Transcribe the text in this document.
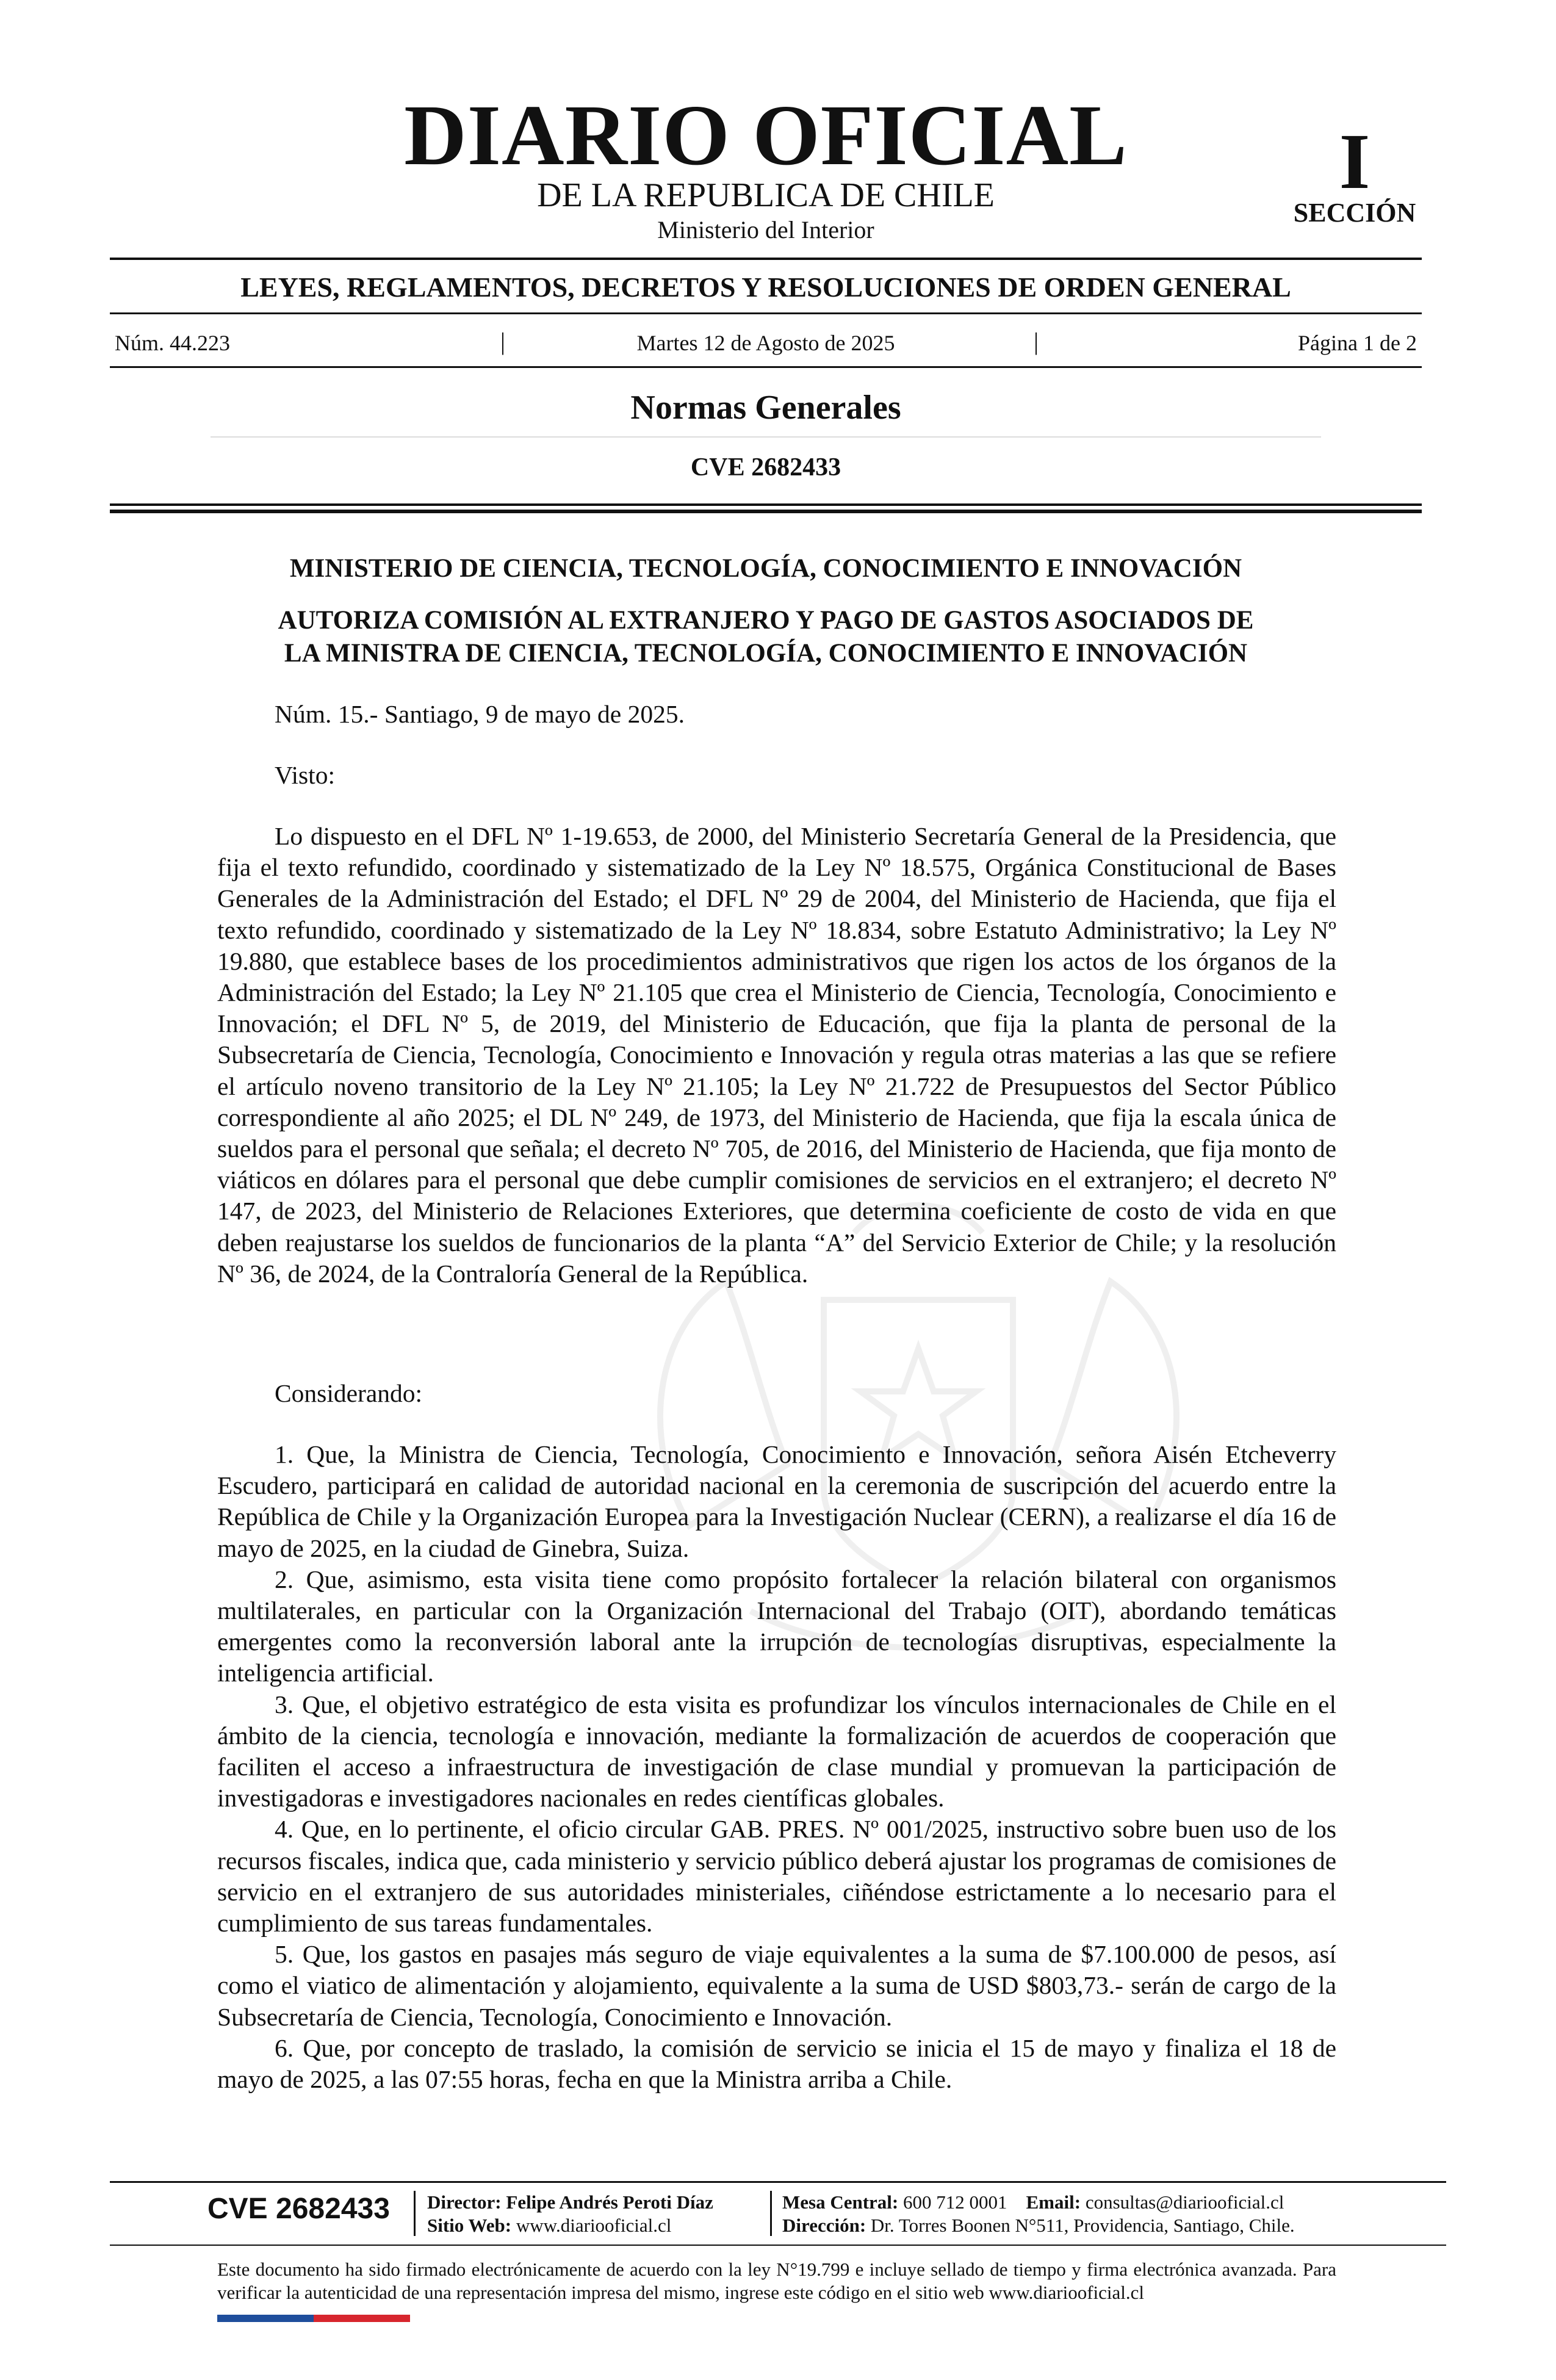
DIARIO OFICIAL
DE LA REPUBLICA DE CHILE
Ministerio del Interior
I
SECCIÓN
LEYES, REGLAMENTOS, DECRETOS Y RESOLUCIONES DE ORDEN GENERAL
Núm. 44.223	|	Martes 12 de Agosto de 2025	|	Página 1 de 2
Normas Generales
CVE 2682433
MINISTERIO DE CIENCIA, TECNOLOGÍA, CONOCIMIENTO E INNOVACIÓN
AUTORIZA COMISIÓN AL EXTRANJERO Y PAGO DE GASTOS ASOCIADOS DE
LA MINISTRA DE CIENCIA, TECNOLOGÍA, CONOCIMIENTO E INNOVACIÓN
Núm. 15.- Santiago, 9 de mayo de 2025.
Visto:

Lo dispuesto en el DFL Nº 1-19.653, de 2000, del Ministerio Secretaría General de la Presidencia, que fija el texto refundido, coordinado y sistematizado de la Ley Nº 18.575, Orgánica Constitucional de Bases Generales de la Administración del Estado; el DFL Nº 29 de 2004, del Ministerio de Hacienda, que fija el texto refundido, coordinado y sistematizado de la Ley Nº 18.834, sobre Estatuto Administrativo; la Ley Nº 19.880, que establece bases de los procedimientos administrativos que rigen los actos de los órganos de la Administración del Estado; la Ley Nº 21.105 que crea el Ministerio de Ciencia, Tecnología, Conocimiento e Innovación; el DFL Nº 5, de 2019, del Ministerio de Educación, que fija la planta de personal de la Subsecretaría de Ciencia, Tecnología, Conocimiento e Innovación y regula otras materias a las que se refiere el artículo noveno transitorio de la Ley Nº 21.105; la Ley Nº 21.722 de Presupuestos del Sector Público correspondiente al año 2025; el DL Nº 249, de 1973, del Ministerio de Hacienda, que fija la escala única de sueldos para el personal que señala; el decreto Nº 705, de 2016, del Ministerio de Hacienda, que fija monto de viáticos en dólares para el personal que debe cumplir comisiones de servicios en el extranjero; el decreto Nº 147, de 2023, del Ministerio de Relaciones Exteriores, que determina coeficiente de costo de vida en que deben reajustarse los sueldos de funcionarios de la planta “A” del Servicio Exterior de Chile; y la resolución Nº 36, de 2024, de la Contraloría General de la República.

Considerando:

1. Que, la Ministra de Ciencia, Tecnología, Conocimiento e Innovación, señora Aisén Etcheverry Escudero, participará en calidad de autoridad nacional en la ceremonia de suscripción del acuerdo entre la República de Chile y la Organización Europea para la Investigación Nuclear (CERN), a realizarse el día 16 de mayo de 2025, en la ciudad de Ginebra, Suiza.

2. Que, asimismo, esta visita tiene como propósito fortalecer la relación bilateral con organismos multilaterales, en particular con la Organización Internacional del Trabajo (OIT), abordando temáticas emergentes como la reconversión laboral ante la irrupción de tecnologías disruptivas, especialmente la inteligencia artificial.

3. Que, el objetivo estratégico de esta visita es profundizar los vínculos internacionales de Chile en el ámbito de la ciencia, tecnología e innovación, mediante la formalización de acuerdos de cooperación que faciliten el acceso a infraestructura de investigación de clase mundial y promuevan la participación de investigadoras e investigadores nacionales en redes científicas globales.

4. Que, en lo pertinente, el oficio circular GAB. PRES. Nº 001/2025, instructivo sobre buen uso de los recursos fiscales, indica que, cada ministerio y servicio público deberá ajustar los programas de comisiones de servicio en el extranjero de sus autoridades ministeriales, ciñéndose estrictamente a lo necesario para el cumplimiento de sus tareas fundamentales.

5. Que, los gastos en pasajes más seguro de viaje equivalentes a la suma de $7.100.000 de pesos, así como el viatico de alimentación y alojamiento, equivalente a la suma de USD $803,73.- serán de cargo de la Subsecretaría de Ciencia, Tecnología, Conocimiento e Innovación.

6. Que, por concepto de traslado, la comisión de servicio se inicia el 15 de mayo y finaliza el 18 de mayo de 2025, a las 07:55 horas, fecha en que la Ministra arriba a Chile.

CVE 2682433 Director: Felipe Andrés Peroti Díaz
Sitio Web: www.diariooficial.cl
Mesa Central: 600 712 0001 Email: consultas@diariooficial.cl
Dirección: Dr. Torres Boonen N°511, Providencia, Santiago, Chile.
Este documento ha sido firmado electrónicamente de acuerdo con la ley N°19.799 e incluye sellado de tiempo y firma electrónica avanzada. Para verificar la autenticidad de una representación impresa del mismo, ingrese este código en el sitio web www.diariooficial.cl
